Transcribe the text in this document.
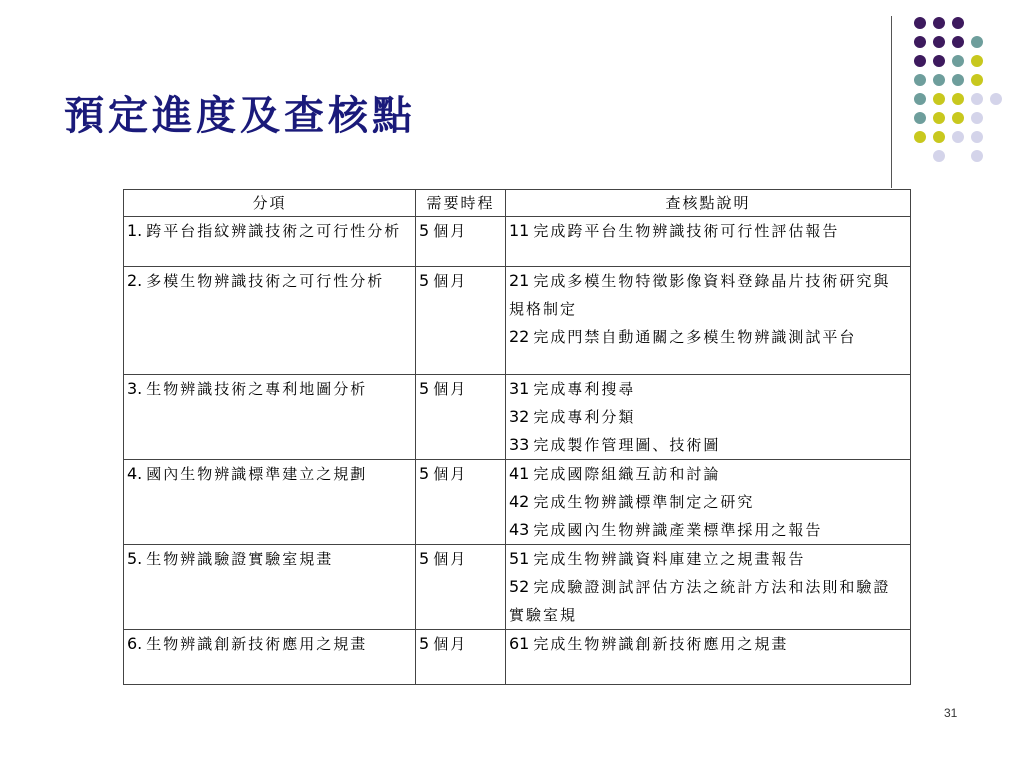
預定進度及查核點
分項	需要時程	查核點說明
1. 跨平台指紋辨識技術之可行性分析	5 個月	11 完成跨平台生物辨識技術可行性評估報告

2. 多模生物辨識技術之可行性分析	5 個月	21 完成多模生物特徵影像資料登錄晶片技術研究與規格制定
22 完成門禁自動通關之多模生物辨識測試平台

3. 生物辨識技術之專利地圖分析	5 個月	31 完成專利搜尋
32 完成專利分類
33 完成製作管理圖、技術圖

4. 國內生物辨識標準建立之規劃	5 個月	41 完成國際組織互訪和討論
42 完成生物辨識標準制定之研究
43 完成國內生物辨識產業標準採用之報告

5. 生物辨識驗證實驗室規畫	5 個月	51 完成生物辨識資料庫建立之規畫報告
52 完成驗證測試評估方法之統計方法和法則和驗證實驗室規

6. 生物辨識創新技術應用之規畫	5 個月	61 完成生物辨識創新技術應用之規畫
31
